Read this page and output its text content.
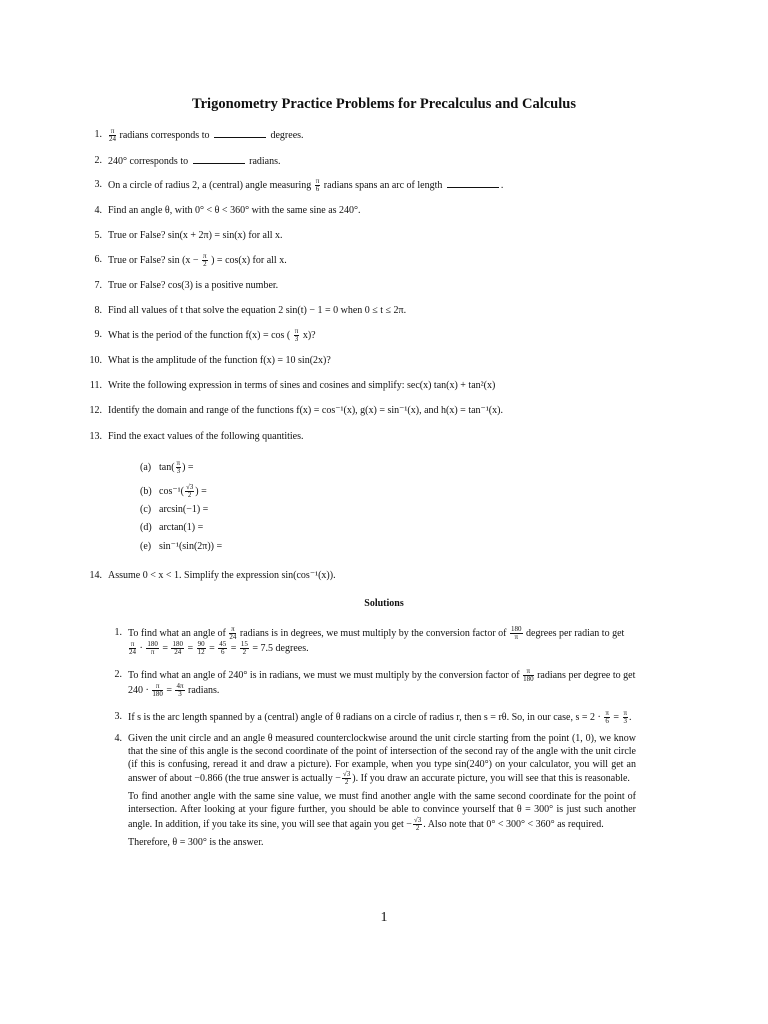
Trigonometry Practice Problems for Precalculus and Calculus
1. $\frac{\pi}{24}$ radians corresponds to	degrees.
2. 240° corresponds to	radians.
3. On a circle of radius 2, a (central) angle measuring $\frac{\pi}{6}$ radians spans an arc of length	.
4. Find an angle θ, with 0° < θ < 360° with the same sine as 240°.
5. True or False? sin(x + 2π) = sin(x) for all x.
6. True or False? $\sin (x - \frac{\pi}{2}$ ) = cos(x) for all x.
7. True or False? cos(3) is a positive number.
8. Find all values of t that solve the equation 2 sin(t) − 1 = 0 when 0 ≤ t ≤ 2π.
9. What is the period of the function f(x) = cos ( $\frac{\pi}{3} x$)?
10. What is the amplitude of the function f(x) = 10 sin(2x)?
11. Write the following expression in terms of sines and cosines and simplify: sec(x) tan(x) + tan²(x)
12. Identify the domain and range of the functions f(x) = cos⁻¹(x), g(x) = sin⁻¹(x), and h(x) = tan⁻¹(x).
13. Find the exact values of the following quantities.
(a) $\tan( \frac{\pi}{3}$ ) =
(b) $\cos^{-1}( \frac{√3}{2}$ ) =
(c) arcsin(−1) =
(d) arctan(1) =
(e) sin⁻¹(sin(2π)) =
14. Assume 0 < x < 1. Simplify the expression sin(cos⁻¹(x)).
Solutions
1. To find what an angle of $\frac{\pi}{24}$ radians is in degrees, we must multiply by the conversion factor of $\frac{180}{\pi}$ degrees per radian to get

$\frac{\pi}{24} \cdot \frac{180}{\pi} = \frac{180}{24} = \frac{90}{12} = \frac{45}{6} = \frac{15}{2} = 7.5$ degrees.

2. To find what an angle of 240° is in radians, we must we must multiply by the conversion factor of $\frac{\pi}{180}$ radians per degree to get

$240 \cdot \frac{\pi}{180} = \frac{4\pi}{3}$ radians.

3. If s is the arc length spanned by a (central) angle of θ radians on a circle of radius r, then s = rθ. So, in our case, $s = 2 \cdot \frac{\pi}{6} = \frac{\pi}{3}$ .

4. Given the unit circle and an angle θ measured counterclockwise around the unit circle starting from the point (1, 0), we know that the sine of this angle is the second coordinate of the point of intersection of the second ray of the angle with the unit circle (if this is confusing, reread it and draw a picture). For example, when you type sin(240°) on your calculator, you will get an answer of about −0.866 (the true answer is actually − $\frac{√3}{2}$ ). If you draw an accurate picture, you will see that this is reasonable.

To find another angle with the same sine value, we must find another angle with the same second coordinate for the point of intersection. After looking at your figure further, you should be able to convince yourself that θ = 300° is just such another angle. In addition, if you take its sine, you will see that again you get − $\frac{√3}{2}$ . Also note that 0° < 300° < 360° as required.

Therefore, θ = 300° is the answer.

1
